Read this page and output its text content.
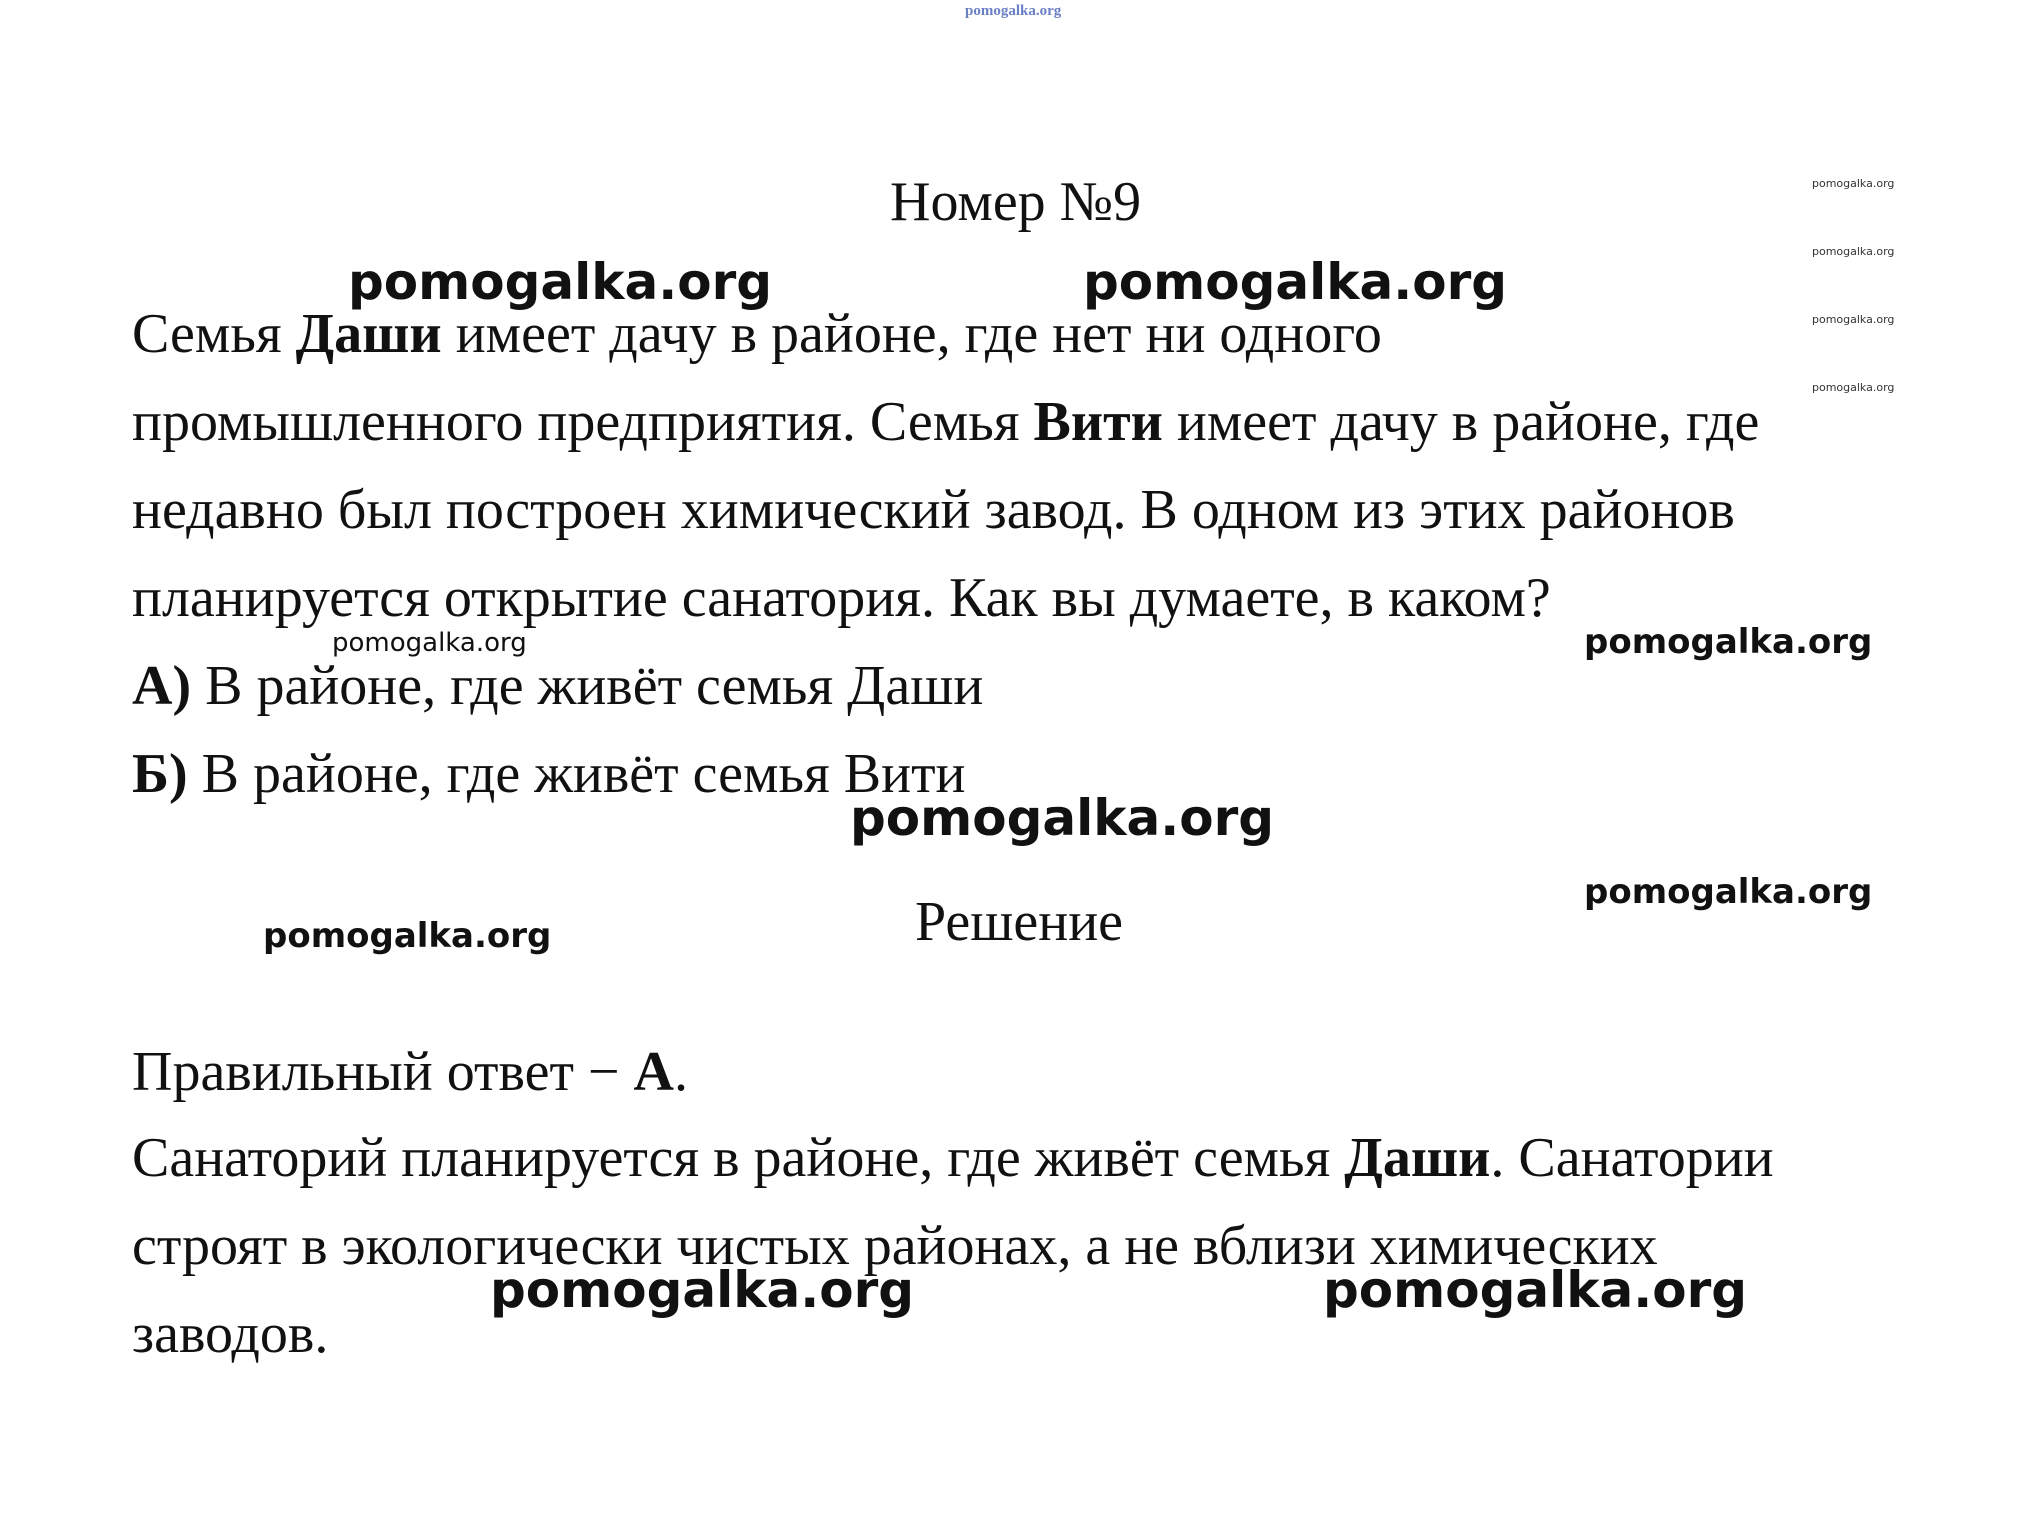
pomogalka.org
Номер №9

Семья Даши имеет дачу в районе, где нет ни одного

промышленного предприятия. Семья Вити имеет дачу в районе, где

недавно был построен химический завод. В одном из этих районов

планируется открытие санатория. Как вы думаете, в каком?

А) В районе, где живёт семья Даши

Б) В районе, где живёт семья Вити

Решение

Правильный ответ − А.

Санаторий планируется в районе, где живёт семья Даши. Санатории

строят в экологически чистых районах, а не вблизи химических

заводов.

pomogalka.org	pomogalka.org
pomogalka.org
pomogalka.org	pomogalka.org
pomogalka.org
pomogalka.org
pomogalka.org
pomogalka.org
pomogalka.org
pomogalka.org
pomogalka.org
pomogalka.org
